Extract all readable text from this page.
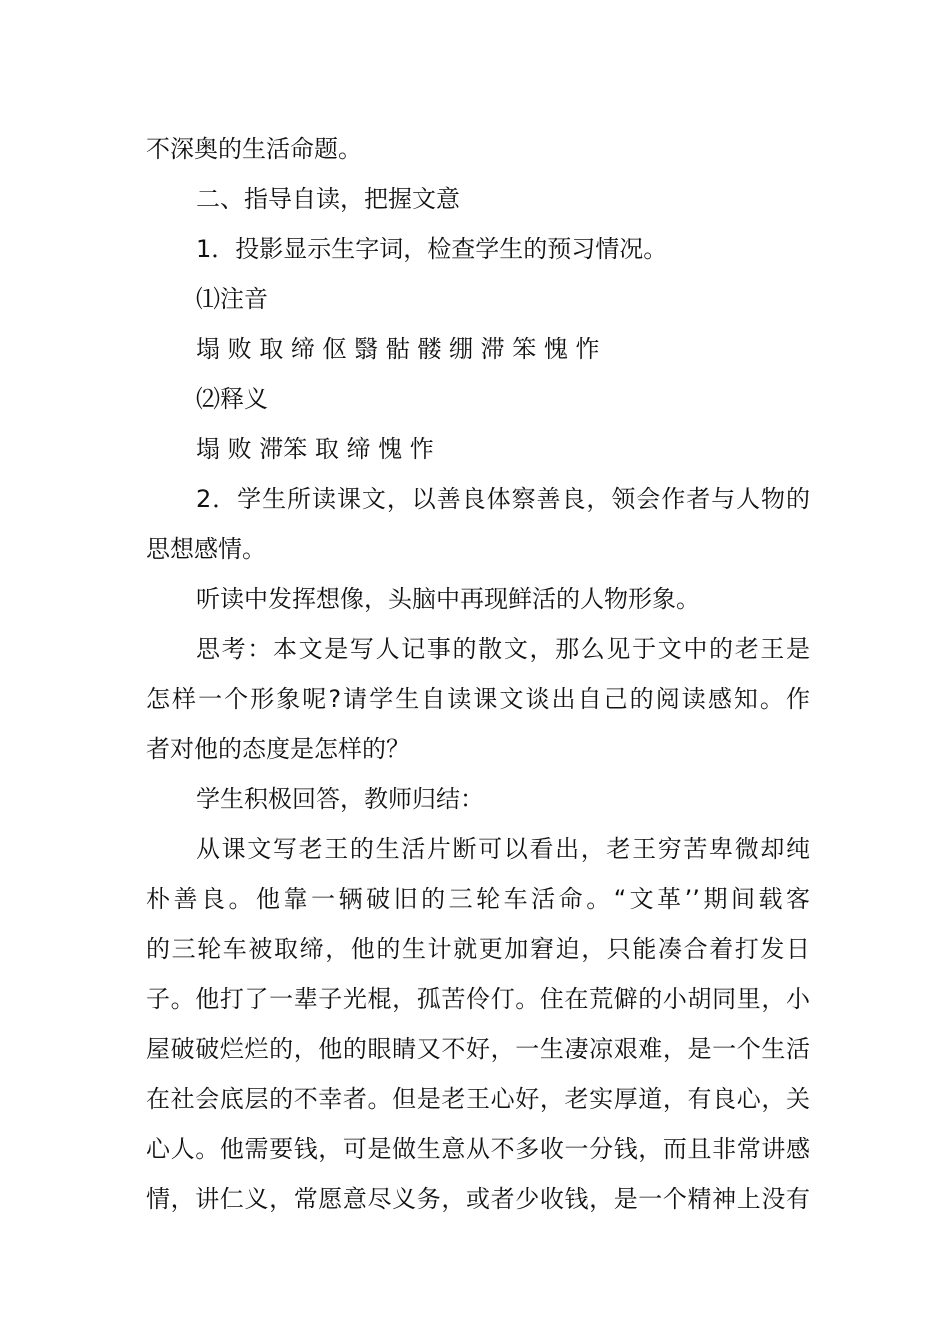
不深奥的生活命题。
二、指导自读，把握文意
1．投影显示生字词，检查学生的预习情况。
⑴注音
塌 败 取 缔 伛 翳 骷 髅 绷 滞 笨 愧 怍
⑵释义
塌 败 滞笨 取 缔 愧 怍
2．学生所读课文，以善良体察善良，领会作者与人物的
思想感情。
听读中发挥想像，头脑中再现鲜活的人物形象。
思考：本文是写人记事的散文，那么见于文中的老王是
怎样一个形象呢?请学生自读课文谈出自己的阅读感知。作
者对他的态度是怎样的？
学生积极回答，教师归结：
从课文写老王的生活片断可以看出，老王穷苦卑微却纯
朴善良。他靠一辆破旧的三轮车活命。“文革’’期间载客
的三轮车被取缔，他的生计就更加窘迫，只能凑合着打发日
子。他打了一辈子光棍，孤苦伶仃。住在荒僻的小胡同里，小
屋破破烂烂的，他的眼睛又不好，一生凄凉艰难，是一个生活
在社会底层的不幸者。但是老王心好，老实厚道，有良心，关
心人。他需要钱，可是做生意从不多收一分钱，而且非常讲感
情，讲仁义，常愿意尽义务，或者少收钱，是一个精神上没有
